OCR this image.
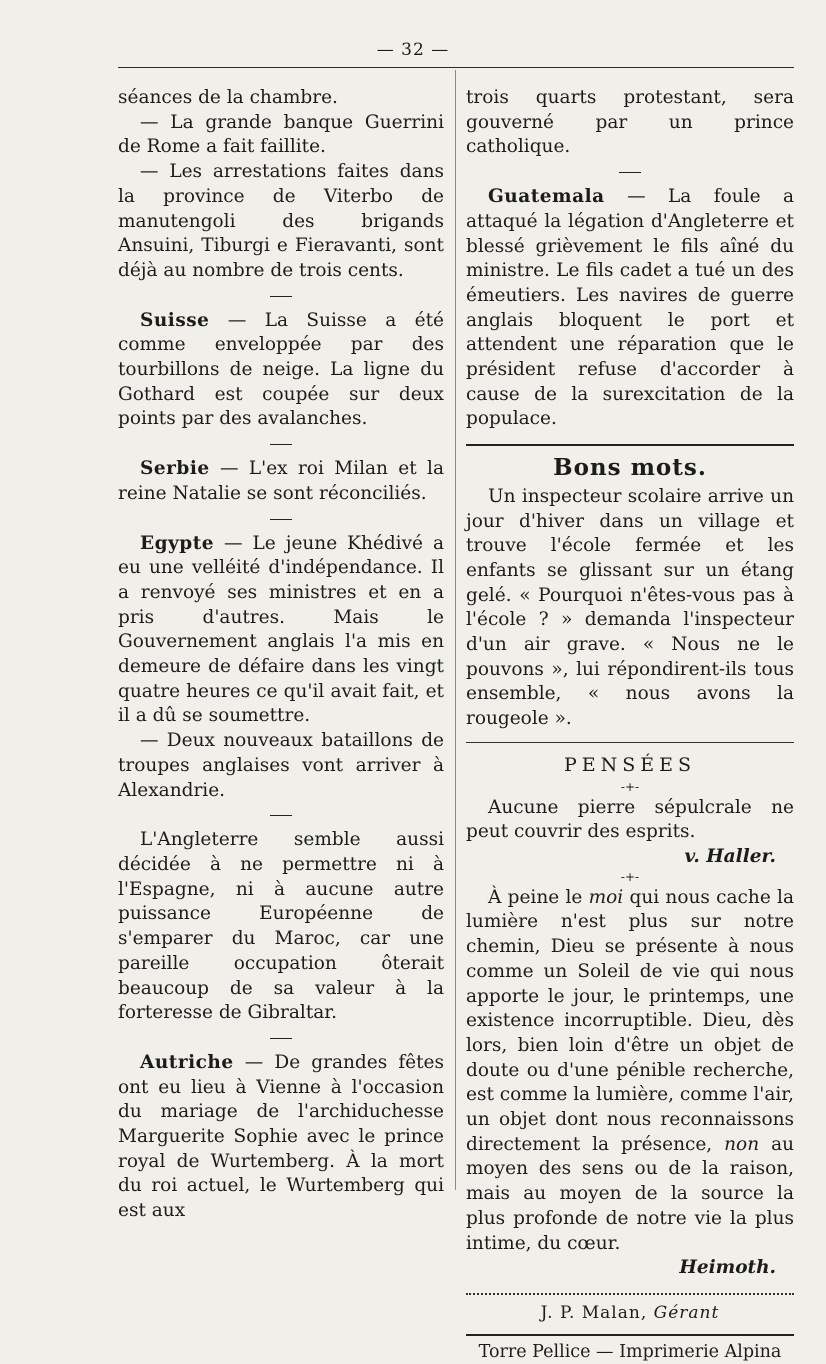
— 32 —

séances de la chambre.

— La grande banque Guerrini de Rome a fait faillite.

— Les arrestations faites dans la province de Viterbo de manutengoli des brigands Ansuini, Tiburgi e Fieravanti, sont déjà au nombre de trois cents.

Suisse — La Suisse a été comme enveloppée par des tourbillons de neige. La ligne du Gothard est coupée sur deux points par des avalanches.

Serbie — L'ex roi Milan et la reine Natalie se sont réconciliés.

Egypte — Le jeune Khédivé a eu une velléité d'indépendance. Il a renvoyé ses ministres et en a pris d'autres. Mais le Gouvernement anglais l'a mis en demeure de défaire dans les vingt quatre heures ce qu'il avait fait, et il a dû se soumettre.

— Deux nouveaux bataillons de troupes anglaises vont arriver à Alexandrie.

L'Angleterre semble aussi décidée à ne permettre ni à l'Espagne, ni à aucune autre puissance Européenne de s'emparer du Maroc, car une pareille occupation ôterait beaucoup de sa valeur à la forteresse de Gibraltar.

Autriche — De grandes fêtes ont eu lieu à Vienne à l'occasion du mariage de l'archiduchesse Marguerite Sophie avec le prince royal de Wurtemberg. À la mort du roi actuel, le Wurtemberg qui est aux

trois quarts protestant, sera gouverné par un prince catholique.

Guatemala — La foule a attaqué la légation d'Angleterre et blessé grièvement le fils aîné du ministre. Le fils cadet a tué un des émeutiers. Les navires de guerre anglais bloquent le port et attendent une réparation que le président refuse d'accorder à cause de la surexcitation de la populace.

Bons mots.

Un inspecteur scolaire arrive un jour d'hiver dans un village et trouve l'école fermée et les enfants se glissant sur un étang gelé. « Pourquoi n'êtes-vous pas à l'école ? » demanda l'inspecteur d'un air grave. « Nous ne le pouvons », lui répondirent-ils tous ensemble, « nous avons la rougeole ».

PENSÉES
-+-

Aucune pierre sépulcrale ne peut couvrir des esprits.

v. Haller.
-+-

À peine le moi qui nous cache la lumière n'est plus sur notre chemin, Dieu se présente à nous comme un Soleil de vie qui nous apporte le jour, le printemps, une existence incorruptible. Dieu, dès lors, bien loin d'être un objet de doute ou d'une pénible recherche, est comme la lumière, comme l'air, un objet dont nous reconnaissons directement la présence, non au moyen des sens ou de la raison, mais au moyen de la source la plus profonde de notre vie la plus intime, du cœur.

Heimoth.
J. P. Malan, Gérant
Torre Pellice — Imprimerie Alpina
